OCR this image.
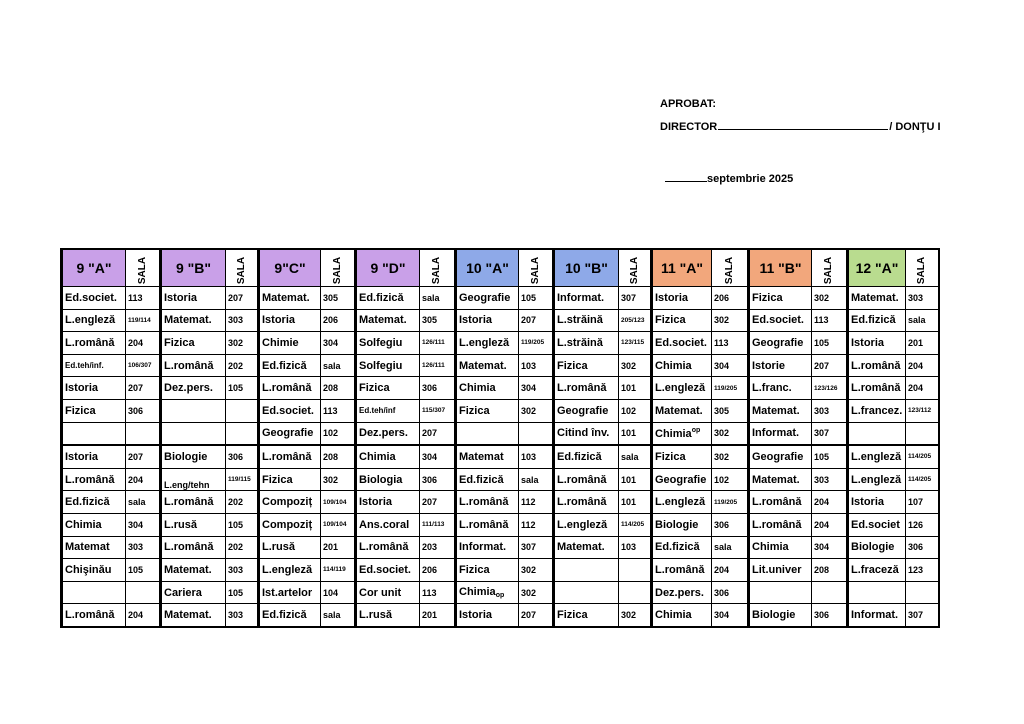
APROBAT:
DIRECTOR	/ DONŢU I
septembrie 2025
9 "A"	SALA	9 "B"	SALA	9"C"	SALA	9 "D"	SALA	10 "A"	SALA	10 "B"	SALA	11 "A"	SALA	11 "B"	SALA	12 "A"	SALA
Ed.societ.	113	Istoria	207	Matemat.	305	Ed.fizică	sala	Geografie	105	Informat.	307	Istoria	206	Fizica	302	Matemat.	303
L.engleză	119/114	Matemat.	303	Istoria	206	Matemat.	305	Istoria	207	L.străină	205/123	Fizica	302	Ed.societ.	113	Ed.fizică	sala
L.română	204	Fizica	302	Chimie	304	Solfegiu	126/111	L.engleză	119/205	L.străină	123/115	Ed.societ.	113	Geografie	105	Istoria	201
Ed.teh/inf.	106/307	L.română	202	Ed.fizică	sala	Solfegiu	126/111	Matemat.	103	Fizica	302	Chimia	304	Istorie	207	L.română	204
Istoria	207	Dez.pers.	105	L.română	208	Fizica	306	Chimia	304	L.română	101	L.engleză	119/205	L.franc.	123/126	L.română	204
Fizica	306			Ed.societ.	113	Ed.teh/inf	115/307	Fizica	302	Geografie	102	Matemat.	305	Matemat.	303	L.francez.	123/112
				Geografie	102	Dez.pers.	207			Citind înv.	101	Chimia$^{op}$	302	Informat.	307		
Istoria	207	Biologie	306	L.română	208	Chimia	304	Matemat	103	Ed.fizică	sala	Fizica	302	Geografie	105	L.engleză	114/205
L.română	204	L.eng/tehn	119/115	Fizica	302	Biologia	306	Ed.fizică	sala	L.română	101	Geografie	102	Matemat.	303	L.engleză	114/205
Ed.fizică	sala	L.română	202	Compoziț	109/104	Istoria	207	L.română	112	L.română	101	L.engleză	119/205	L.română	204	Istoria	107
Chimia	304	L.rusă	105	Compoziț	109/104	Ans.coral	111/113	L.română	112	L.engleză	114/205	Biologie	306	L.română	204	Ed.societ	126
Matemat	303	L.română	202	L.rusă	201	L.română	203	Informat.	307	Matemat.	103	Ed.fizică	sala	Chimia	304	Biologie	306
Chişinău	105	Matemat.	303	L.engleză	114/119	Ed.societ.	206	Fizica	302			L.română	204	Lit.univer	208	L.fraceză	123
		Cariera	105	Ist.artelor	104	Cor unit	113	Chimiaop	302			Dez.pers.	306				
L.română	204	Matemat.	303	Ed.fizică	sala	L.rusă	201	Istoria	207	Fizica	302	Chimia	304	Biologie	306	Informat.	307
